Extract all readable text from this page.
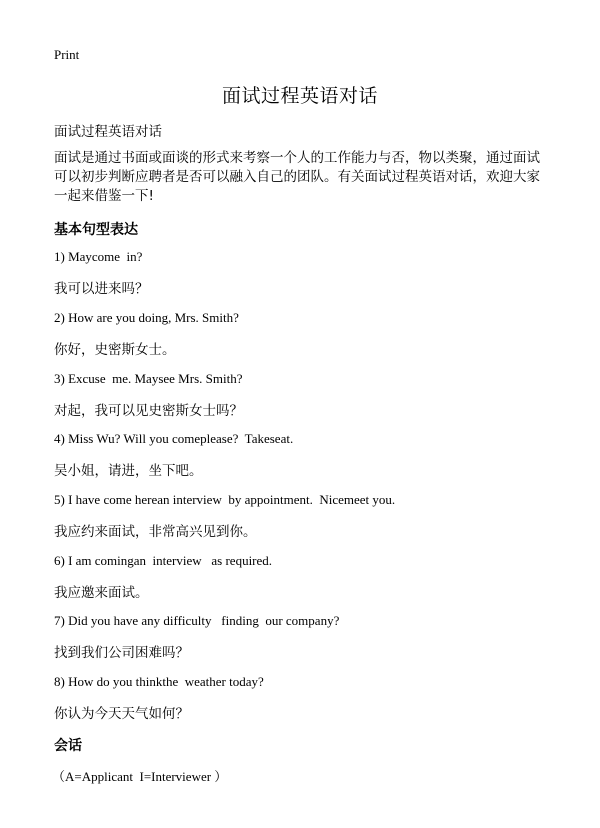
Print
面试过程英语对话
面试过程英语对话

面试是通过书面或面谈的形式来考察一个人的工作能力与否，物以类聚，通过面试可以初步判断应聘者是否可以融入自己的团队。有关面试过程英语对话，欢迎大家一起来借鉴一下!

基本句型表达
1) Maycome  in?
我可以进来吗？
2) How are you doing, Mrs. Smith?
你好，史密斯女士。
3) Excuse  me. Maysee Mrs. Smith?
对起，我可以见史密斯女士吗？
4) Miss Wu? Will you comeplease?  Takeseat.
吴小姐，请进，坐下吧。
5) I have come herean interview  by appointment.  Nicemeet you.
我应约来面试，非常高兴见到你。
6) I am comingan  interview   as required.
我应邀来面试。
7) Did you have any difficulty   finding  our company?
找到我们公司困难吗？
8) How do you thinkthe  weather today?
你认为今天天气如何？
会话
（A=Applicant  I=Interviewer ）
